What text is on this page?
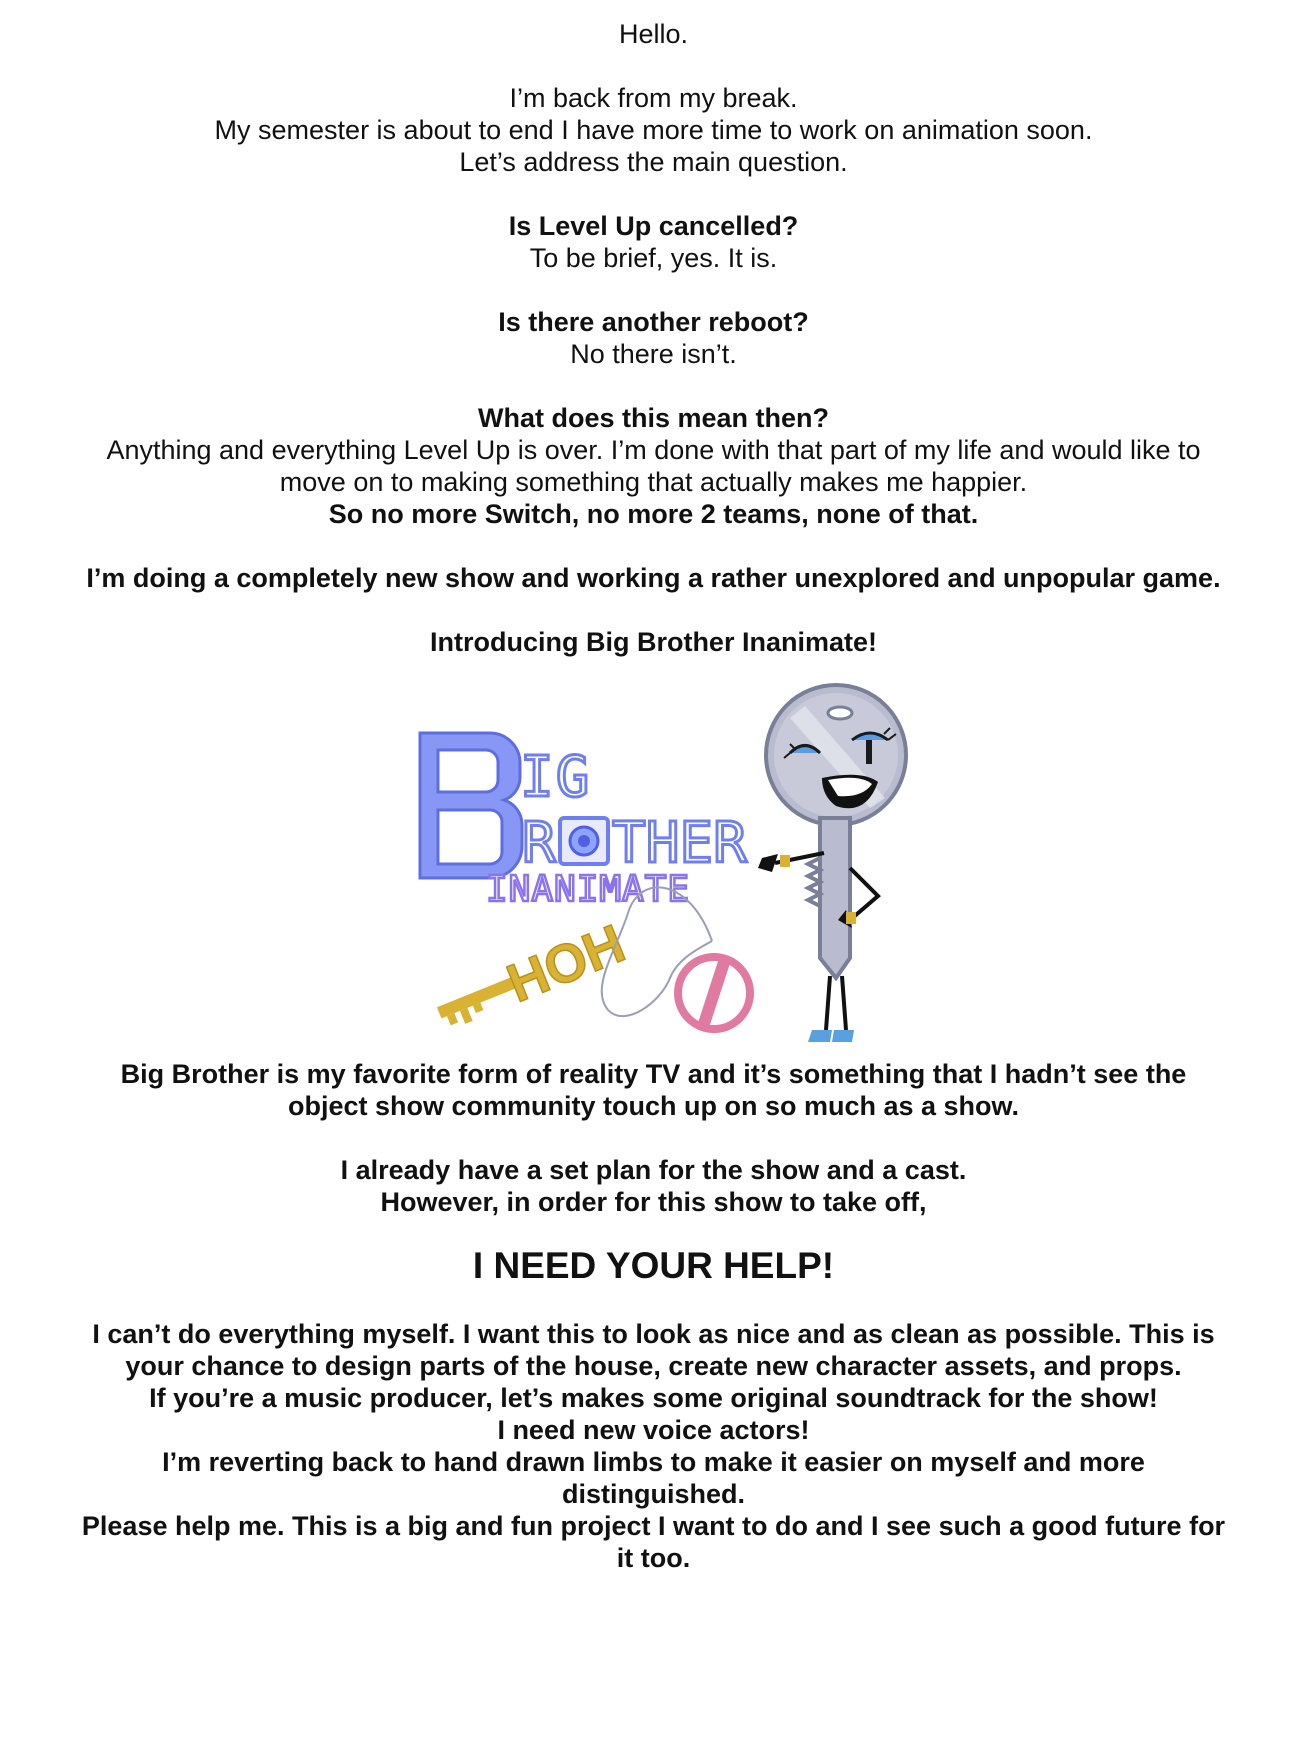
Hello.
I’m back from my break.
My semester is about to end I have more time to work on animation soon.
Let’s address the main question.
Is Level Up cancelled?
To be brief, yes. It is.
Is there another reboot?
No there isn’t.
What does this mean then?
Anything and everything Level Up is over. I’m done with that part of my life and would like to
move on to making something that actually makes me happier.
So no more Switch, no more 2 teams, none of that.
I’m doing a completely new show and working a rather unexplored and unpopular game.
Introducing Big Brother Inanimate!
IG
R THER
INANIMATE
HOH
Big Brother is my favorite form of reality TV and it’s something that I hadn’t see the
object show community touch up on so much as a show.
I already have a set plan for the show and a cast.
However, in order for this show to take off,
I NEED YOUR HELP!
I can’t do everything myself. I want this to look as nice and as clean as possible. This is
your chance to design parts of the house, create new character assets, and props.
If you’re a music producer, let’s makes some original soundtrack for the show!
I need new voice actors!
I’m reverting back to hand drawn limbs to make it easier on myself and more
distinguished.
Please help me. This is a big and fun project I want to do and I see such a good future for
it too.
